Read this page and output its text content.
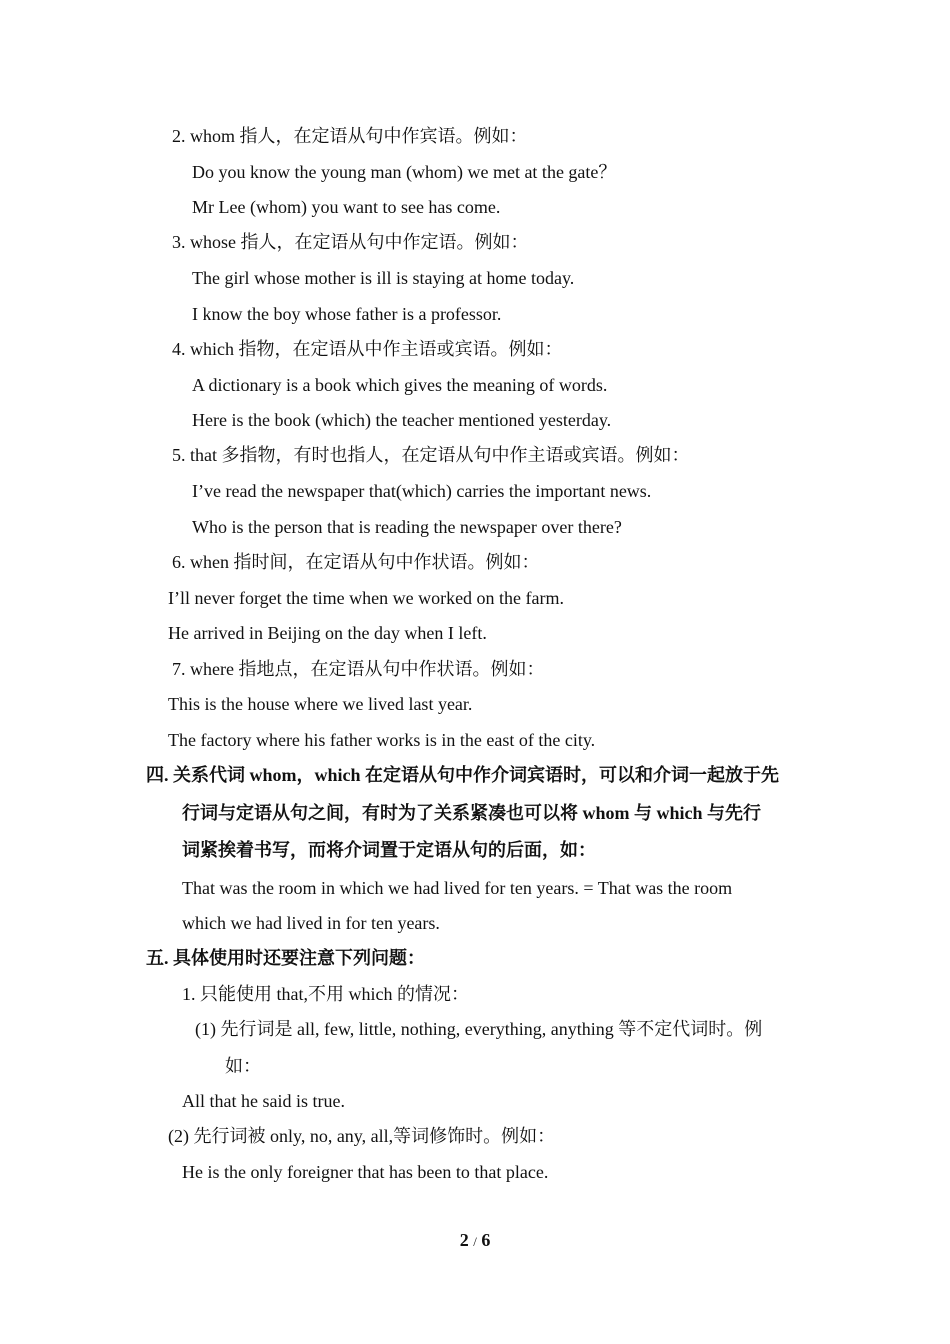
2. whom 指人，在定语从句中作宾语。例如：
Do you know the young man (whom) we met at the gate？
Mr Lee (whom) you want to see has come.
3. whose 指人，在定语从句中作定语。例如：
The girl whose mother is ill is staying at home today.
I know the boy whose father is a professor.
4. which 指物，在定语从中作主语或宾语。例如：
A dictionary is a book which gives the meaning of words.
Here is the book (which) the teacher mentioned yesterday.
5. that 多指物，有时也指人，在定语从句中作主语或宾语。例如：
I’ve read the newspaper that(which) carries the important news.
Who is the person that is reading the newspaper over there?
6. when 指时间，在定语从句中作状语。例如：
I’ll never forget the time when we worked on the farm.
He arrived in Beijing on the day when I left.
7. where 指地点，在定语从句中作状语。例如：
This is the house where we lived last year.
The factory where his father works is in the east of the city.
四. 关系代词 whom，which 在定语从句中作介词宾语时，可以和介词一起放于先
行词与定语从句之间，有时为了关系紧凑也可以将 whom 与 which 与先行
词紧挨着书写，而将介词置于定语从句的后面，如：
That was the room in which we had lived for ten years. = That was the room
which we had lived in for ten years.
五. 具体使用时还要注意下列问题：
1. 只能使用 that,不用 which 的情况：
(1) 先行词是 all, few, little, nothing, everything, anything 等不定代词时。例
如：
All that he said is true.
(2) 先行词被 only, no, any, all,等词修饰时。例如：
He is the only foreigner that has been to that place.
2 / 6
